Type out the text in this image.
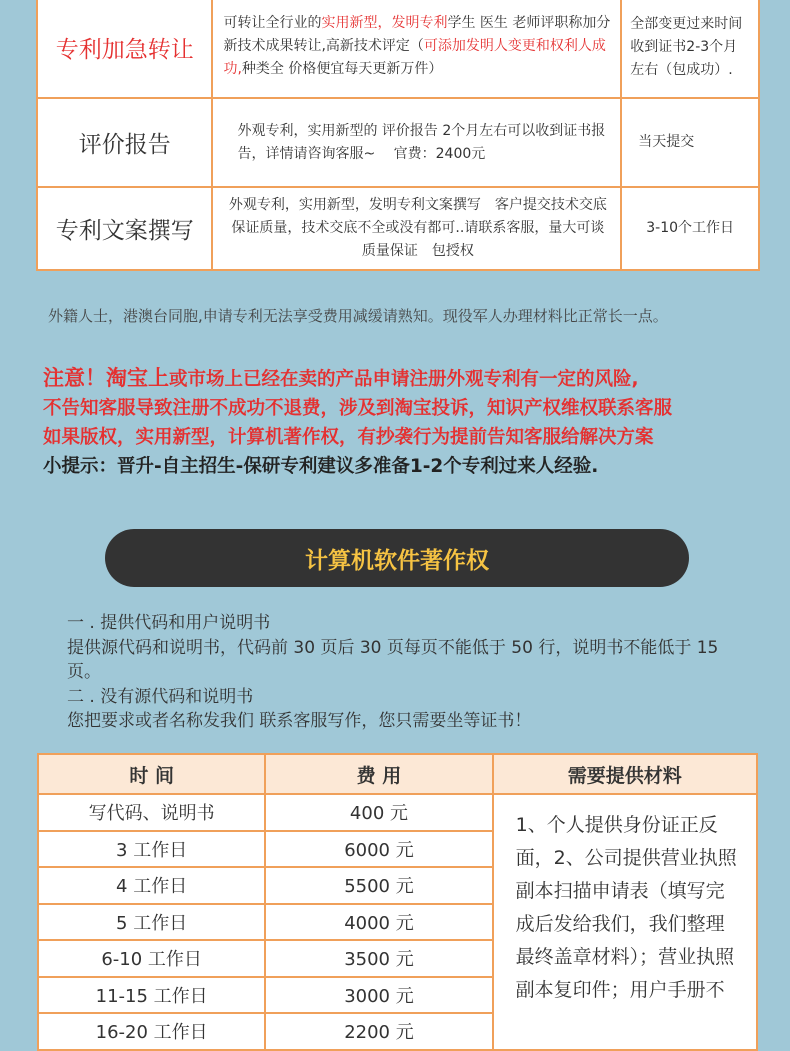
专利加急转让	可转让全行业的实用新型，发明专利学生 医生 老师评职称加分　新技术成果转让,高新技术评定（可添加发明人变更和权利人成功,种类全 价格便宜每天更新万件）	全部变更过来时间收到证书2-3个月左右（包成功）.
评价报告	外观专利，实用新型的 评价报告 2个月左右可以收到证书报告，详情请咨询客服~　 官费：2400元	当天提交
专利文案撰写	外观专利，实用新型，发明专利文案撰写　客户提交技术交底保证质量，技术交底不全或没有都可..请联系客服，量大可谈　质量保证　包授权	3-10个工作日
外籍人士，港澳台同胞,申请专利无法享受费用减缓请熟知。现役军人办理材料比正常长一点。
注意！淘宝上或市场上已经在卖的产品申请注册外观专利有一定的风险,
不告知客服导致注册不成功不退费，涉及到淘宝投诉，知识产权维权联系客服
如果版权，实用新型，计算机著作权，有抄袭行为提前告知客服给解决方案
小提示：晋升-自主招生-保研专利建议多准备1-2个专利过来人经验.
计算机软件著作权
一 . 提供代码和用户说明书
提供源代码和说明书，代码前 30 页后 30 页每页不能低于 50 行，说明书不能低于 15 页。
二 . 没有源代码和说明书
您把要求或者名称发我们 联系客服写作，您只需要坐等证书！
时 间	费 用	需要提供材料
写代码、说明书	400 元	1、个人提供身份证正反面，2、公司提供营业执照副本扫描申请表（填写完成后发给我们，我们整理最终盖章材料）；营业执照副本复印件；用户手册不
3 工作日	6000 元	
4 工作日	5500 元	
5 工作日	4000 元	
6-10 工作日	3500 元	
11-15 工作日	3000 元	
16-20 工作日	2200 元	
